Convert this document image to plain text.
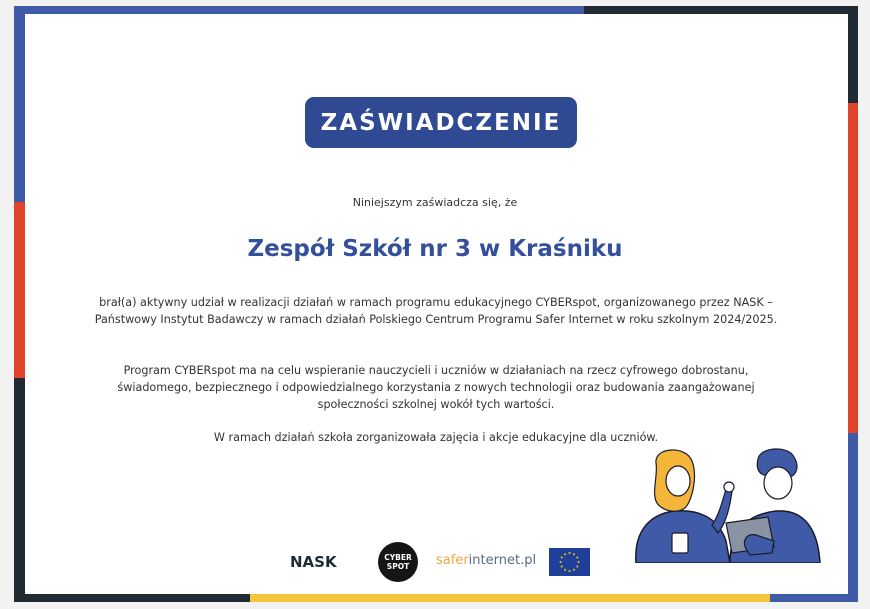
ZAŚWIADCZENIE
Niniejszym zaświadcza się, że
Zespół Szkół nr 3 w Kraśniku
brał(a) aktywny udział w realizacji działań w ramach programu edukacyjnego CYBERspot, organizowanego przez NASK – Państwowy Instytut Badawczy w ramach działań Polskiego Centrum Programu Safer Internet w roku szkolnym 2024/2025.
Program CYBERspot ma na celu wspieranie nauczycieli i uczniów w działaniach na rzecz cyfrowego dobrostanu, świadomego, bezpiecznego i odpowiedzialnego korzystania z nowych technologii oraz budowania zaangażowanej społeczności szkolnej wokół tych wartości.
W ramach działań szkoła zorganizowała zajęcia i akcje edukacyjne dla uczniów.
NASK	CYBER
SPOT saferinternet.pl
